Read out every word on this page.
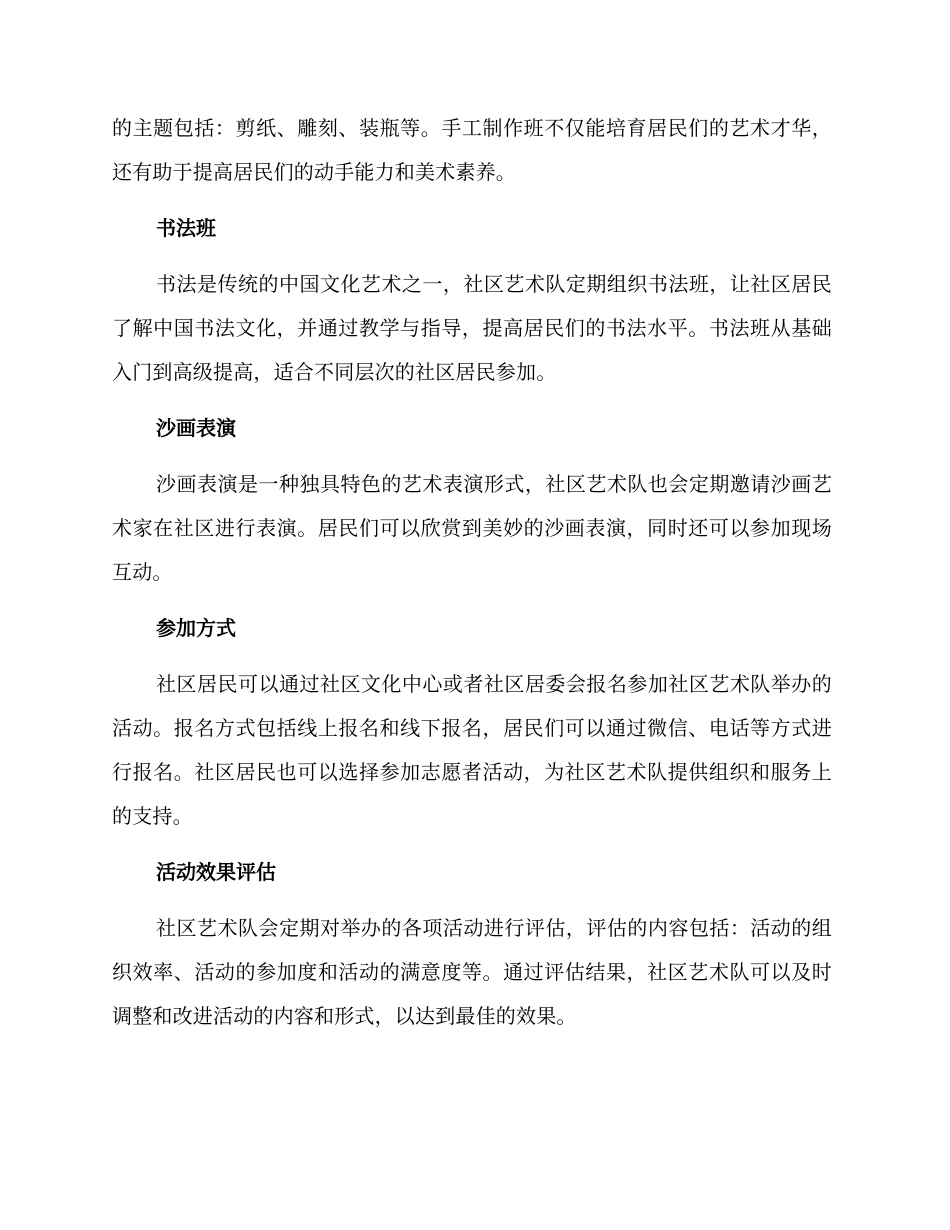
的主题包括：剪纸、雕刻、装瓶等。手工制作班不仅能培育居民们的艺术才华，还有助于提高居民们的动手能力和美术素养。

书法班

书法是传统的中国文化艺术之一，社区艺术队定期组织书法班，让社区居民了解中国书法文化，并通过教学与指导，提高居民们的书法水平。书法班从基础入门到高级提高，适合不同层次的社区居民参加。

沙画表演

沙画表演是一种独具特色的艺术表演形式，社区艺术队也会定期邀请沙画艺术家在社区进行表演。居民们可以欣赏到美妙的沙画表演，同时还可以参加现场互动。

参加方式

社区居民可以通过社区文化中心或者社区居委会报名参加社区艺术队举办的活动。报名方式包括线上报名和线下报名，居民们可以通过微信、电话等方式进行报名。社区居民也可以选择参加志愿者活动，为社区艺术队提供组织和服务上的支持。

活动效果评估

社区艺术队会定期对举办的各项活动进行评估，评估的内容包括：活动的组织效率、活动的参加度和活动的满意度等。通过评估结果，社区艺术队可以及时调整和改进活动的内容和形式，以达到最佳的效果。
